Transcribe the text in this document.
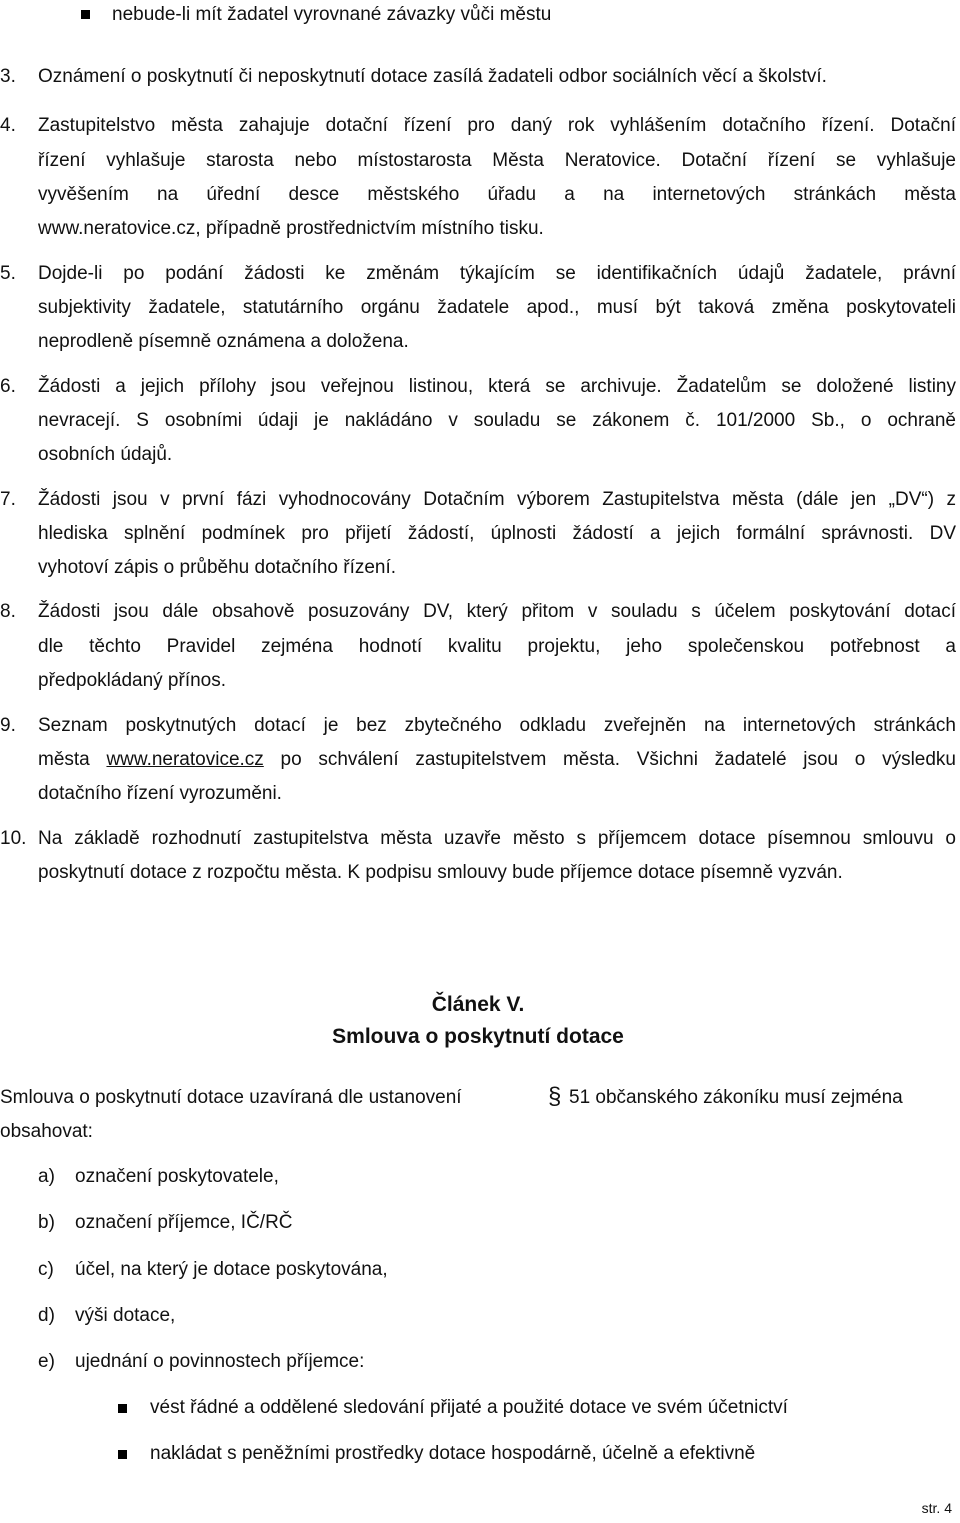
nebude-li mít žadatel vyrovnané závazky vůči městu
3. Oznámení o poskytnutí či neposkytnutí dotace zasílá žadateli odbor sociálních věcí a školství.
4. Zastupitelstvo města zahajuje dotační řízení pro daný rok vyhlášením dotačního řízení. Dotační
řízení vyhlašuje starosta nebo místostarosta Města Neratovice. Dotační řízení se vyhlašuje
vyvěšením na úřední desce městského úřadu a na internetových stránkách města
www.neratovice.cz, případně prostřednictvím místního tisku.
5. Dojde-li po podání žádosti ke změnám týkajícím se identifikačních údajů žadatele, právní
subjektivity žadatele, statutárního orgánu žadatele apod., musí být taková změna poskytovateli
neprodleně písemně oznámena a doložena.
6. Žádosti a jejich přílohy jsou veřejnou listinou, která se archivuje. Žadatelům se doložené listiny
nevracejí. S osobními údaji je nakládáno v souladu se zákonem č. 101/2000 Sb., o ochraně
osobních údajů.
7. Žádosti jsou v první fázi vyhodnocovány Dotačním výborem Zastupitelstva města (dále jen „DV“) z
hlediska splnění podmínek pro přijetí žádostí, úplnosti žádostí a jejich formální správnosti. DV
vyhotoví zápis o průběhu dotačního řízení.
8. Žádosti jsou dále obsahově posuzovány DV, který přitom v souladu s účelem poskytování dotací
dle těchto Pravidel zejména hodnotí kvalitu projektu, jeho společenskou potřebnost a
předpokládaný přínos.
9. Seznam poskytnutých dotací je bez zbytečného odkladu zveřejněn na internetových stránkách
města www.neratovice.cz po schválení zastupitelstvem města. Všichni žadatelé jsou o výsledku
dotačního řízení vyrozuměni.
10. Na základě rozhodnutí zastupitelstva města uzavře město s příjemcem dotace písemnou smlouvu o
poskytnutí dotace z rozpočtu města. K podpisu smlouvy bude příjemce dotace písemně vyzván.
Článek V.
Smlouva o poskytnutí dotace
Smlouva o poskytnutí dotace uzavíraná dle ustanovení	§ 51 občanského zákoníku musí zejména
obsahovat:
a) označení poskytovatele,
b) označení příjemce, IČ/RČ
c) účel, na který je dotace poskytována,
d) výši dotace,
e) ujednání o povinnostech příjemce:
vést řádné a oddělené sledování přijaté a použité dotace ve svém účetnictví
nakládat s peněžními prostředky dotace hospodárně, účelně a efektivně
str. 4
